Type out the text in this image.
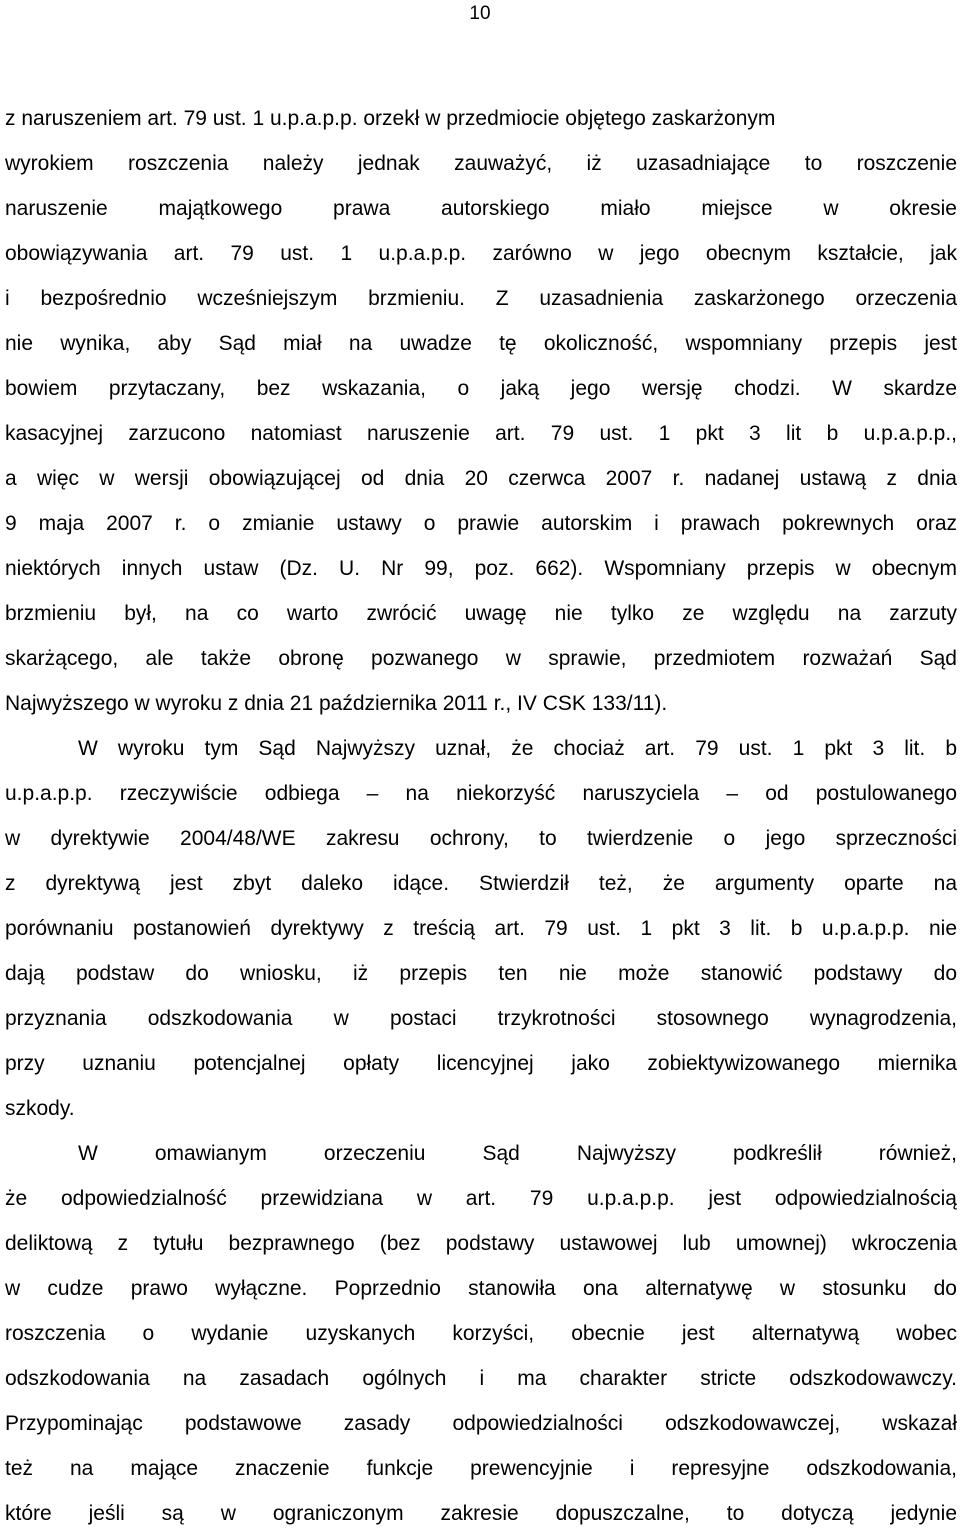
10
z naruszeniem art. 79 ust. 1 u.p.a.p.p. orzekł w przedmiocie objętego zaskarżonym
wyrokiem roszczenia należy jednak zauważyć, iż uzasadniające to roszczenie
naruszenie majątkowego prawa autorskiego miało miejsce w okresie
obowiązywania art. 79 ust. 1 u.p.a.p.p. zarówno w jego obecnym kształcie, jak
i bezpośrednio wcześniejszym brzmieniu. Z uzasadnienia zaskarżonego orzeczenia
nie wynika, aby Sąd miał na uwadze tę okoliczność, wspomniany przepis jest
bowiem przytaczany, bez wskazania, o jaką jego wersję chodzi. W skardze
kasacyjnej zarzucono natomiast naruszenie art. 79 ust. 1 pkt 3 lit b u.p.a.p.p.,
a więc w wersji obowiązującej od dnia 20 czerwca 2007 r. nadanej ustawą z dnia
9 maja 2007 r. o zmianie ustawy o prawie autorskim i prawach pokrewnych oraz
niektórych innych ustaw (Dz. U. Nr 99, poz. 662). Wspomniany przepis w obecnym
brzmieniu był, na co warto zwrócić uwagę nie tylko ze względu na zarzuty
skarżącego, ale także obronę pozwanego w sprawie, przedmiotem rozważań Sąd
Najwyższego w wyroku z dnia 21 października 2011 r., IV CSK 133/11).
W wyroku tym Sąd Najwyższy uznał, że chociaż art. 79 ust. 1 pkt 3 lit. b
u.p.a.p.p. rzeczywiście odbiega – na niekorzyść naruszyciela – od postulowanego
w dyrektywie 2004/48/WE zakresu ochrony, to twierdzenie o jego sprzeczności
z dyrektywą jest zbyt daleko idące. Stwierdził też, że argumenty oparte na
porównaniu postanowień dyrektywy z treścią art. 79 ust. 1 pkt 3 lit. b u.p.a.p.p. nie
dają podstaw do wniosku, iż przepis ten nie może stanowić podstawy do
przyznania odszkodowania w postaci trzykrotności stosownego wynagrodzenia,
przy uznaniu potencjalnej opłaty licencyjnej jako zobiektywizowanego miernika
szkody.
W omawianym orzeczeniu Sąd Najwyższy podkreślił również,
że odpowiedzialność przewidziana w art. 79 u.p.a.p.p. jest odpowiedzialnością
deliktową z tytułu bezprawnego (bez podstawy ustawowej lub umownej) wkroczenia
w cudze prawo wyłączne. Poprzednio stanowiła ona alternatywę w stosunku do
roszczenia o wydanie uzyskanych korzyści, obecnie jest alternatywą wobec
odszkodowania na zasadach ogólnych i ma charakter stricte odszkodowawczy.
Przypominając podstawowe zasady odpowiedzialności odszkodowawczej, wskazał
też na mające znaczenie funkcje prewencyjnie i represyjne odszkodowania,
które jeśli są w ograniczonym zakresie dopuszczalne, to dotyczą jedynie
